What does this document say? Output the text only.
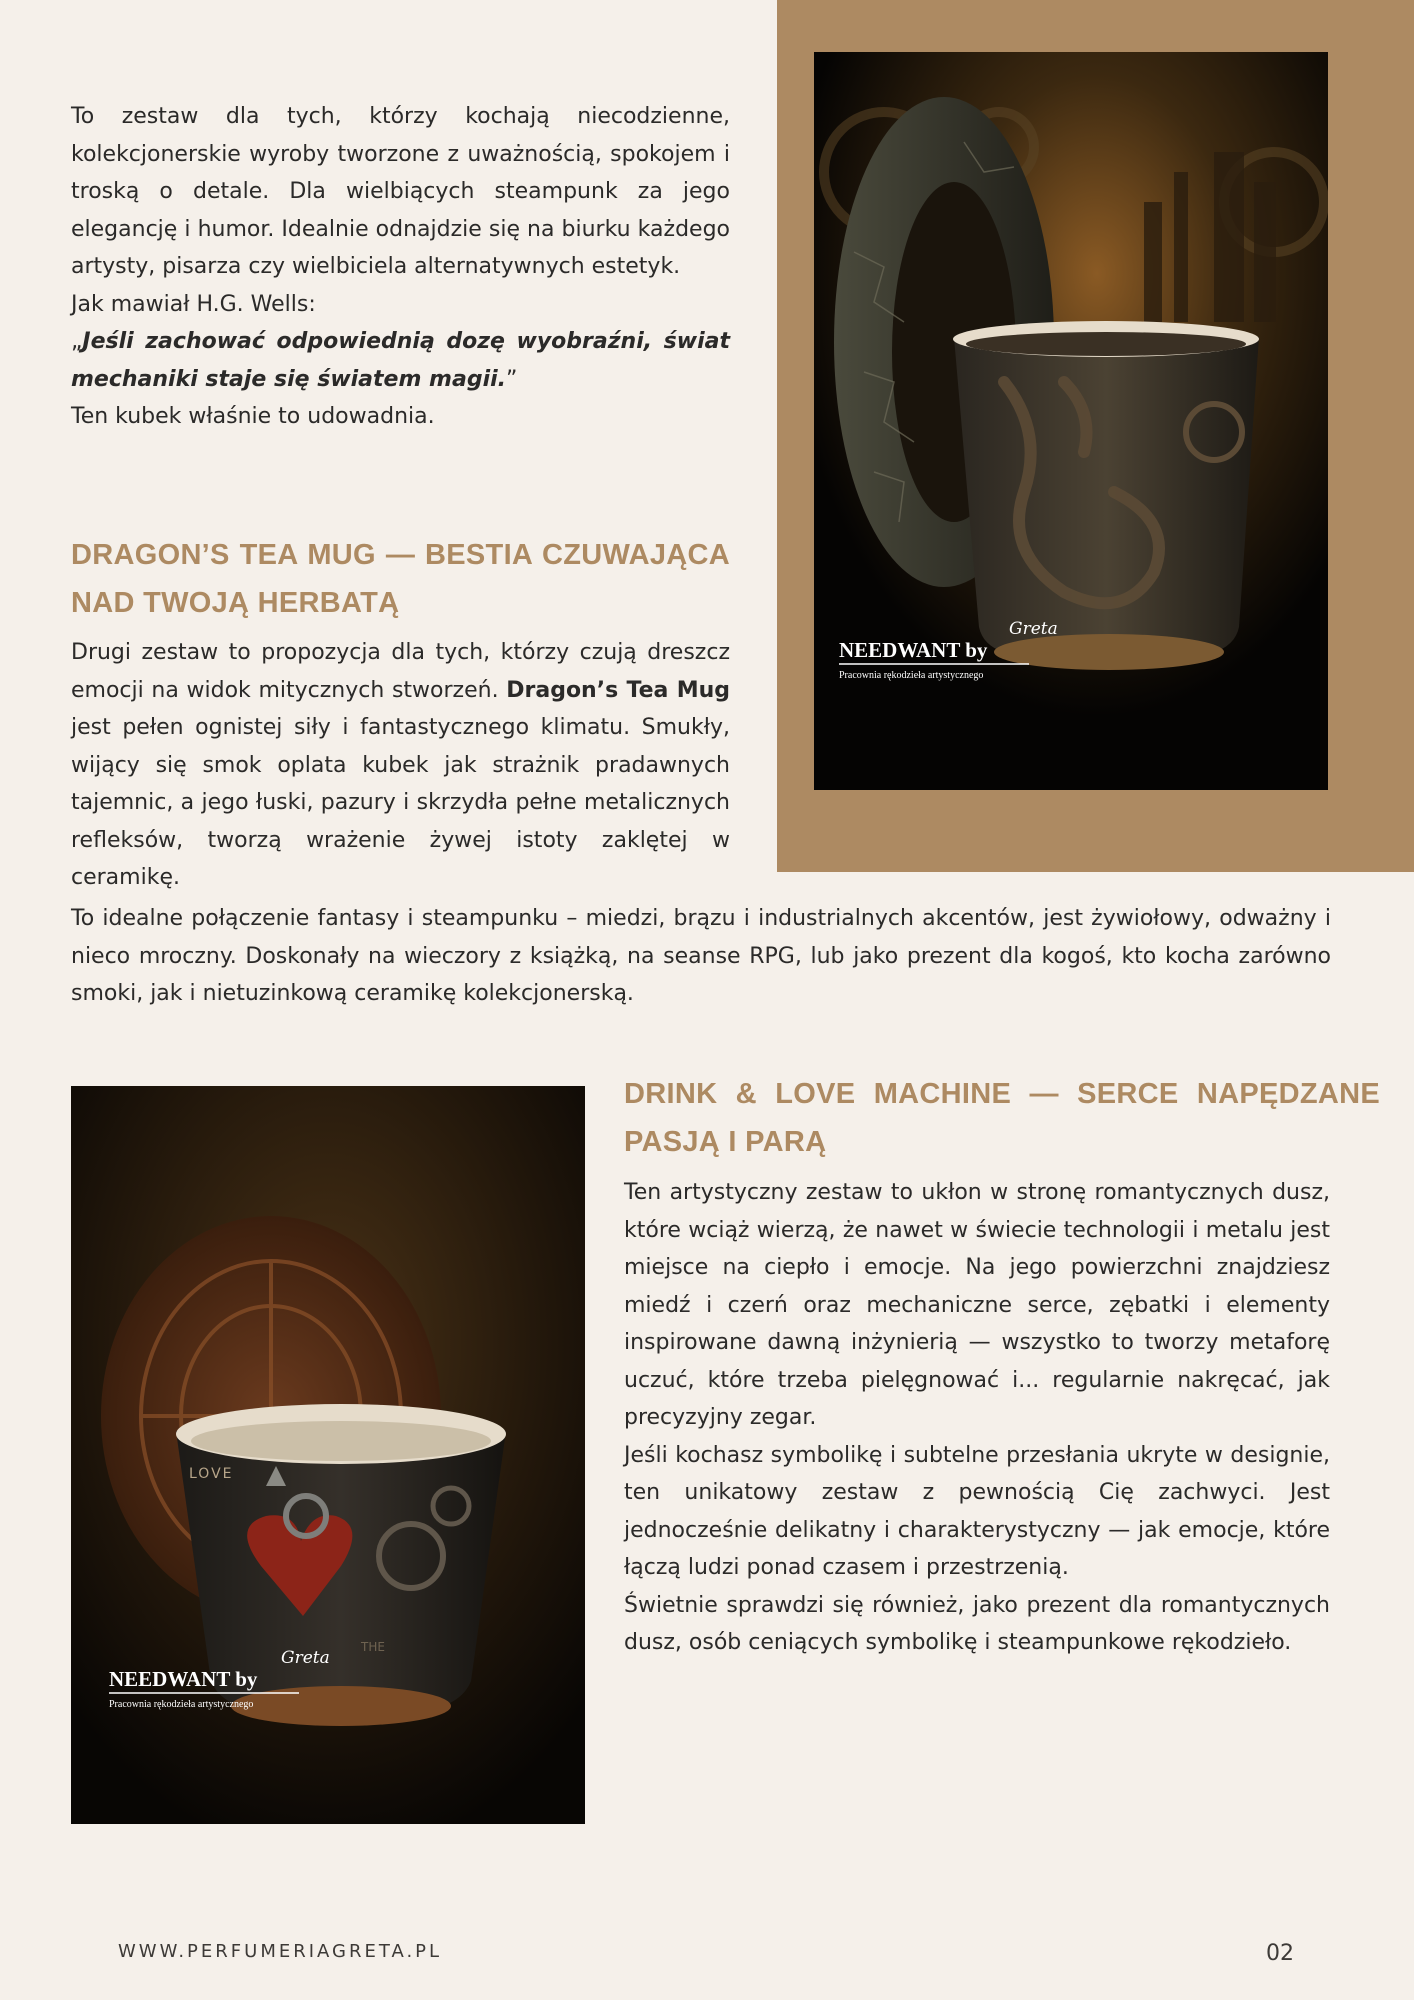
NEEDWANT by
Pracownia rękodzieła artystycznego
Greta

To zestaw dla tych, którzy kochają niecodzienne, kolekcjonerskie wyroby tworzone z uważnością, spokojem i troską o detale. Dla wielbiących steampunk za jego elegancję i humor. Idealnie odnajdzie się na biurku każdego artysty, pisarza czy wielbiciela alternatywnych estetyk.

Jak mawiał H.G. Wells:

„Jeśli zachować odpowiednią dozę wyobraźni, świat mechaniki staje się światem magii.”

Ten kubek właśnie to udowadnia.

DRAGON’S TEA MUG — BESTIA CZUWAJĄCA NAD TWOJĄ HERBATĄ

Drugi zestaw to propozycja dla tych, którzy czują dreszcz emocji na widok mitycznych stworzeń. Dragon’s Tea Mug jest pełen ognistej siły i fantastycznego klimatu. Smukły, wijący się smok oplata kubek jak strażnik pradawnych tajemnic, a jego łuski, pazury i skrzydła pełne metalicznych refleksów, tworzą wrażenie żywej istoty zaklętej w ceramikę.

To idealne połączenie fantasy i steampunku – miedzi, brązu i industrialnych akcentów, jest żywiołowy, odważny i nieco mroczny. Doskonały na wieczory z książką, na seanse RPG, lub jako prezent dla kogoś, kto kocha zarówno smoki, jak i nietuzinkową ceramikę kolekcjonerską.

LOVE
THE
NEEDWANT by
Pracownia rękodzieła artystycznego
Greta
DRINK & LOVE MACHINE — SERCE NAPĘDZANE PASJĄ I PARĄ

Ten artystyczny zestaw to ukłon w stronę romantycznych dusz, które wciąż wierzą, że nawet w świecie technologii i metalu jest miejsce na ciepło i emocje. Na jego powierzchni znajdziesz miedź i czerń oraz mechaniczne serce, zębatki i elementy inspirowane dawną inżynierią — wszystko to tworzy metaforę uczuć, które trzeba pielęgnować i... regularnie nakręcać, jak precyzyjny zegar.

Jeśli kochasz symbolikę i subtelne przesłania ukryte w designie, ten unikatowy zestaw z pewnością Cię zachwyci. Jest jednocześnie delikatny i charakterystyczny — jak emocje, które łączą ludzi ponad czasem i przestrzenią.

Świetnie sprawdzi się również, jako prezent dla romantycznych dusz, osób ceniących symbolikę i steampunkowe rękodzieło.

WWW.PERFUMERIAGRETA.PL	02
